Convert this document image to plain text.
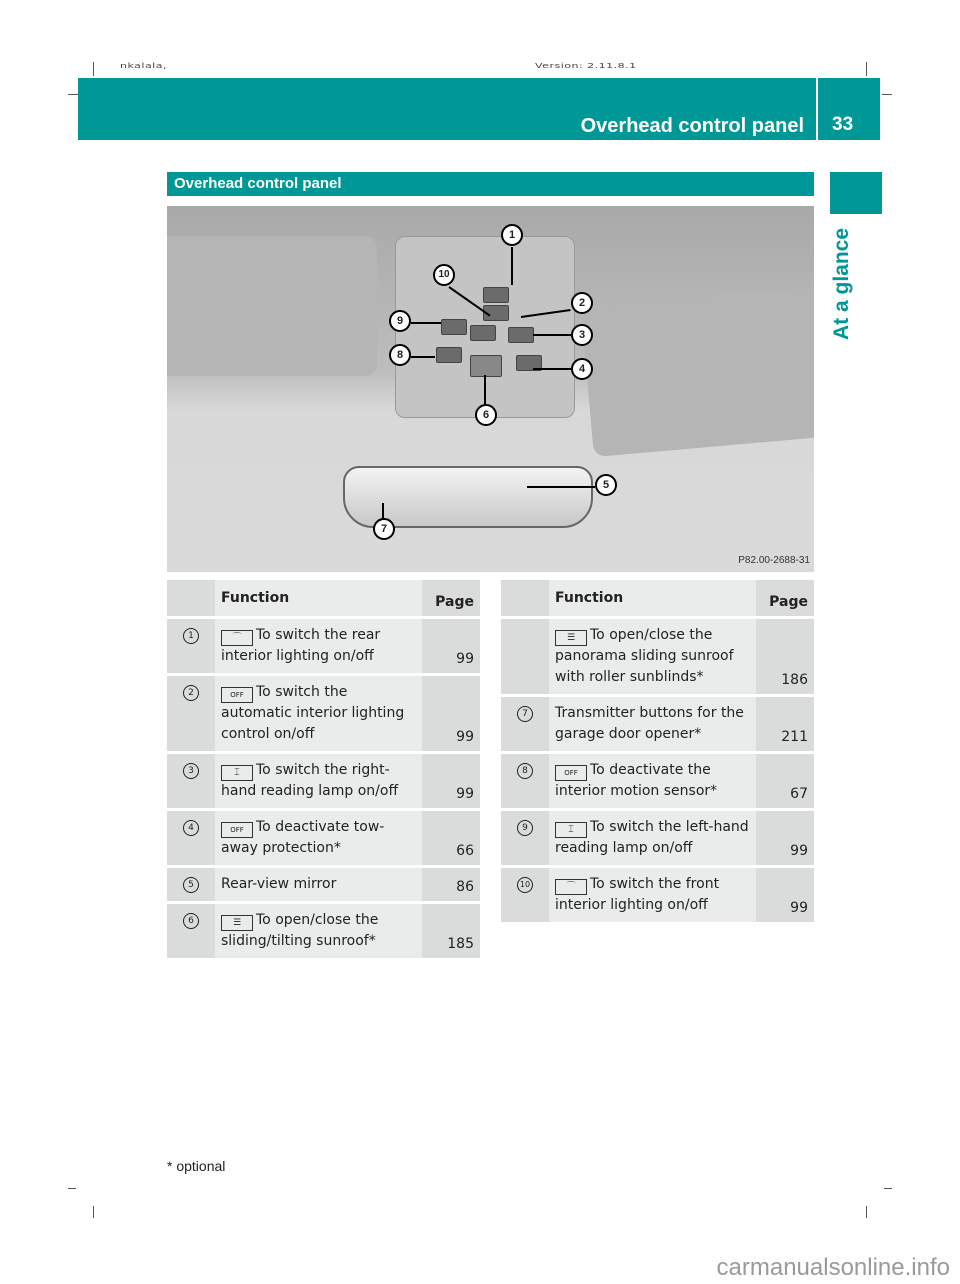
nkalala,	Version: 2.11.8.1
Overhead control panel 33
At a glance
Overhead control panel
1
2
3
4
5
6
7
8
9
10
P82.00-2688-31
	Function	Page
1	⌒ To switch the rear interior lighting on/off	99
2	OFF To switch the automatic interior lighting control on/off	99
3	⌶ To switch the right-hand reading lamp on/off	99
4	OFF To deactivate tow-away protection*	66
5	Rear-view mirror	86
6	☰ To open/close the sliding/tilting sunroof*	185
	Function	Page
	☰ To open/close the panorama sliding sunroof with roller sunblinds*	186
7	Transmitter buttons for the garage door opener*	211
8	OFF To deactivate the interior motion sensor*	67
9	⌶ To switch the left-hand reading lamp on/off	99
10	⌒ To switch the front interior lighting on/off	99
* optional
carmanualsonline.info
